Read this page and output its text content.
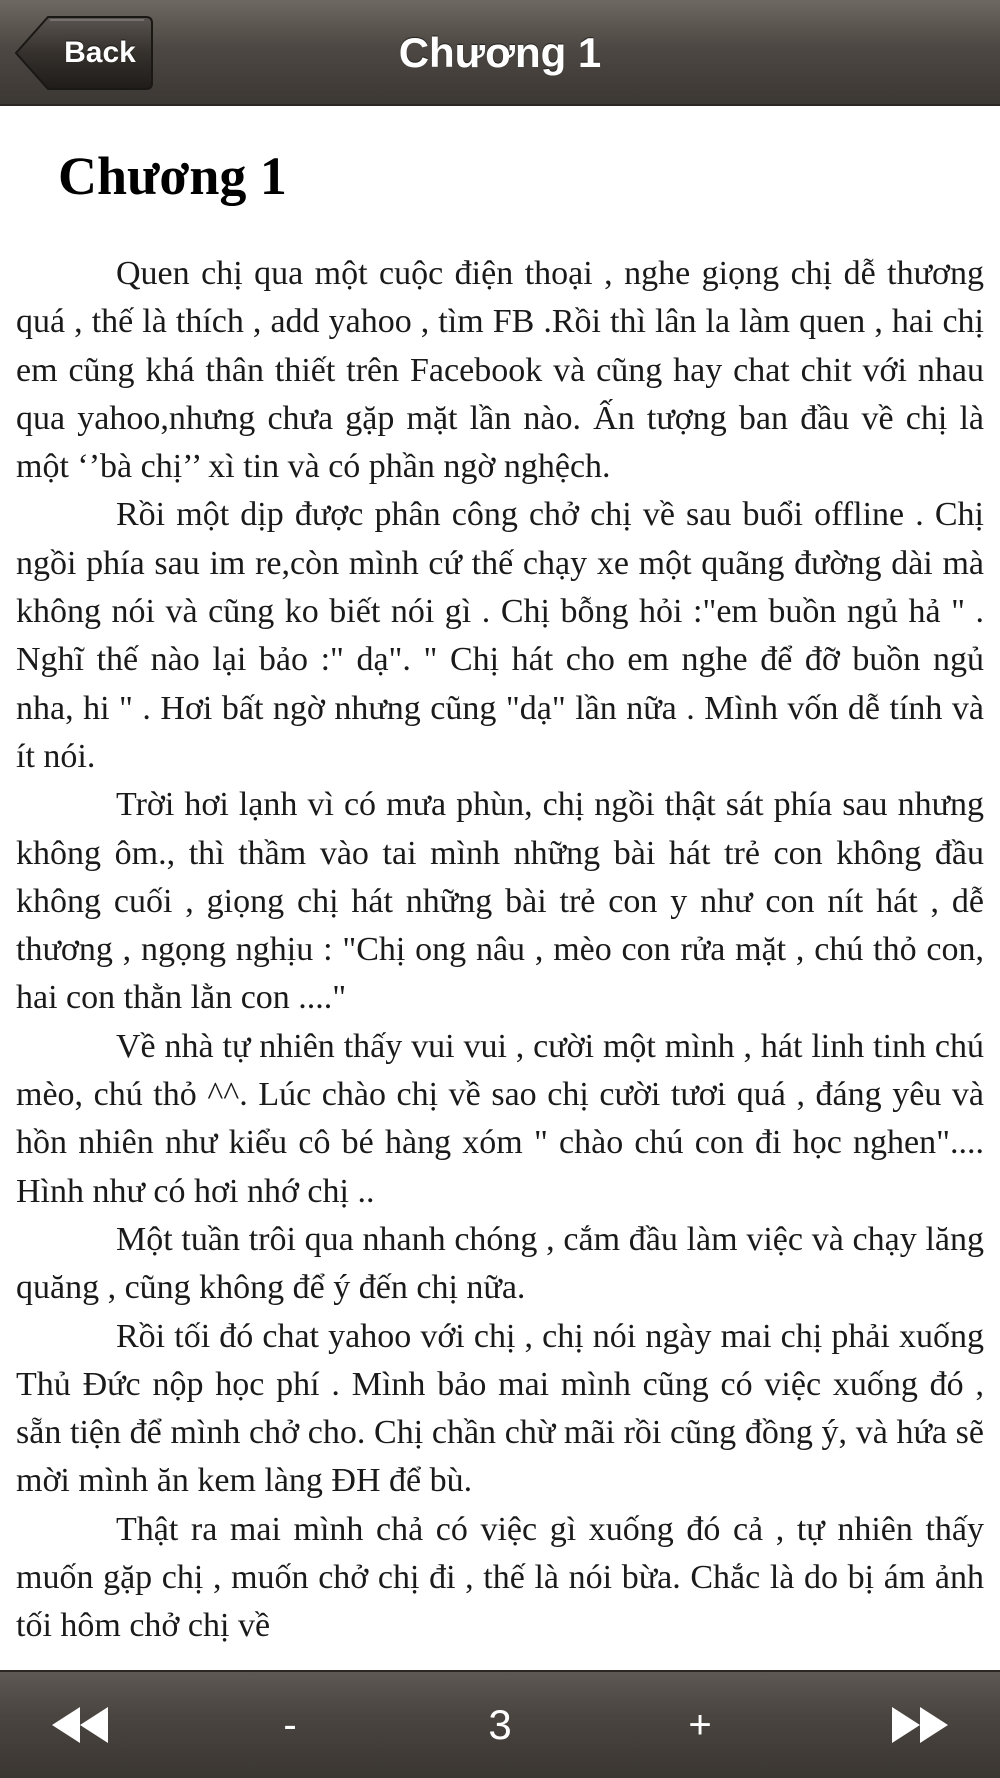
Back	Chương 1
Chương 1

Quen chị qua một cuộc điện thoại , nghe giọng chị dễ thương quá , thế là thích , add yahoo , tìm FB .Rồi thì lân la làm quen , hai chị em cũng khá thân thiết trên Facebook và cũng hay chat chit với nhau qua yahoo,nhưng chưa gặp mặt lần nào. Ấn tượng ban đầu về chị là một ‘’bà chị’’ xì tin và có phần ngờ nghệch.

Rồi một dịp được phân công chở chị về sau buổi offline . Chị ngồi phía sau im re,còn mình cứ thế chạy xe một quãng đường dài mà không nói và cũng ko biết nói gì . Chị bỗng hỏi :"em buồn ngủ hả " . Nghĩ thế nào lại bảo :" dạ". " Chị hát cho em nghe để đỡ buồn ngủ nha, hi " . Hơi bất ngờ nhưng cũng "dạ" lần nữa . Mình vốn dễ tính và ít nói.

Trời hơi lạnh vì có mưa phùn, chị ngồi thật sát phía sau nhưng không ôm., thì thầm vào tai mình những bài hát trẻ con không đầu không cuối , giọng chị hát những bài trẻ con y như con nít hát , dễ thương , ngọng nghịu : "Chị ong nâu , mèo con rửa mặt , chú thỏ con, hai con thằn lằn con ...."

Về nhà tự nhiên thấy vui vui , cười một mình , hát linh tinh chú mèo, chú thỏ ^^. Lúc chào chị về sao chị cười tươi quá , đáng yêu và hồn nhiên như kiểu cô bé hàng xóm " chào chú con đi học nghen".... Hình như có hơi nhớ chị ..

Một tuần trôi qua nhanh chóng , cắm đầu làm việc và chạy lăng quăng , cũng không để ý đến chị nữa.

Rồi tối đó chat yahoo với chị , chị nói ngày mai chị phải xuống Thủ Đức nộp học phí . Mình bảo mai mình cũng có việc xuống đó , sẵn tiện để mình chở cho. Chị chần chừ mãi rồi cũng đồng ý, và hứa sẽ mời mình ăn kem làng ĐH để bù.

Thật ra mai mình chả có việc gì xuống đó cả , tự nhiên thấy muốn gặp chị , muốn chở chị đi , thế là nói bừa. Chắc là do bị ám ảnh tối hôm chở chị về

-	3	+
